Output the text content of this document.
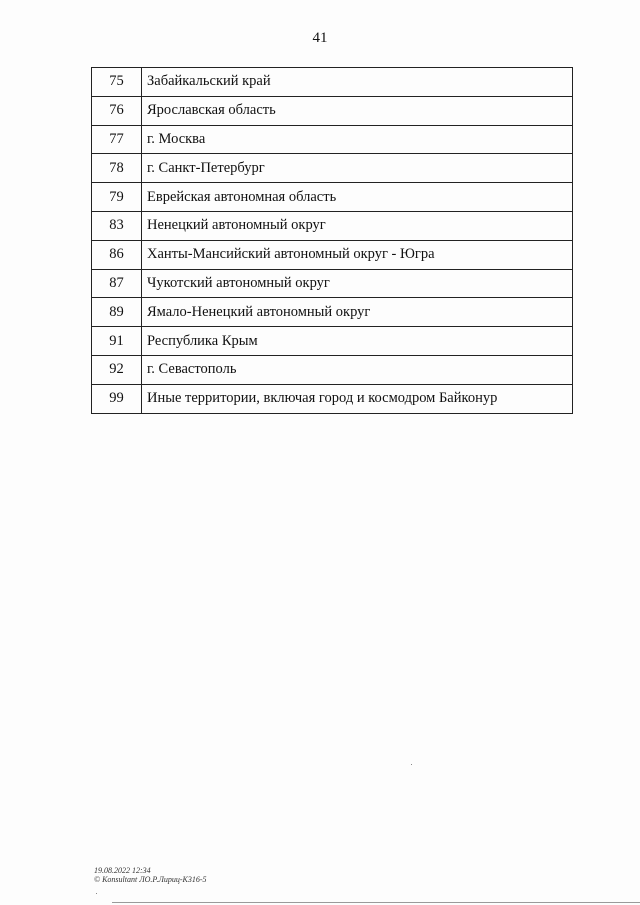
41
75	Забайкальский край
76	Ярославская область
77	г. Москва
78	г. Санкт-Петербург
79	Еврейская автономная область
83	Ненецкий автономный округ
86	Ханты-Мансийский автономный округ - Югра
87	Чукотский автономный округ
89	Ямало-Ненецкий автономный округ
91	Республика Крым
92	г. Севастополь
99	Иные территории, включая город и космодром Байконур
19.08.2022 12:34
© Konsultant ЛО.Р.Лириц-К316-5
